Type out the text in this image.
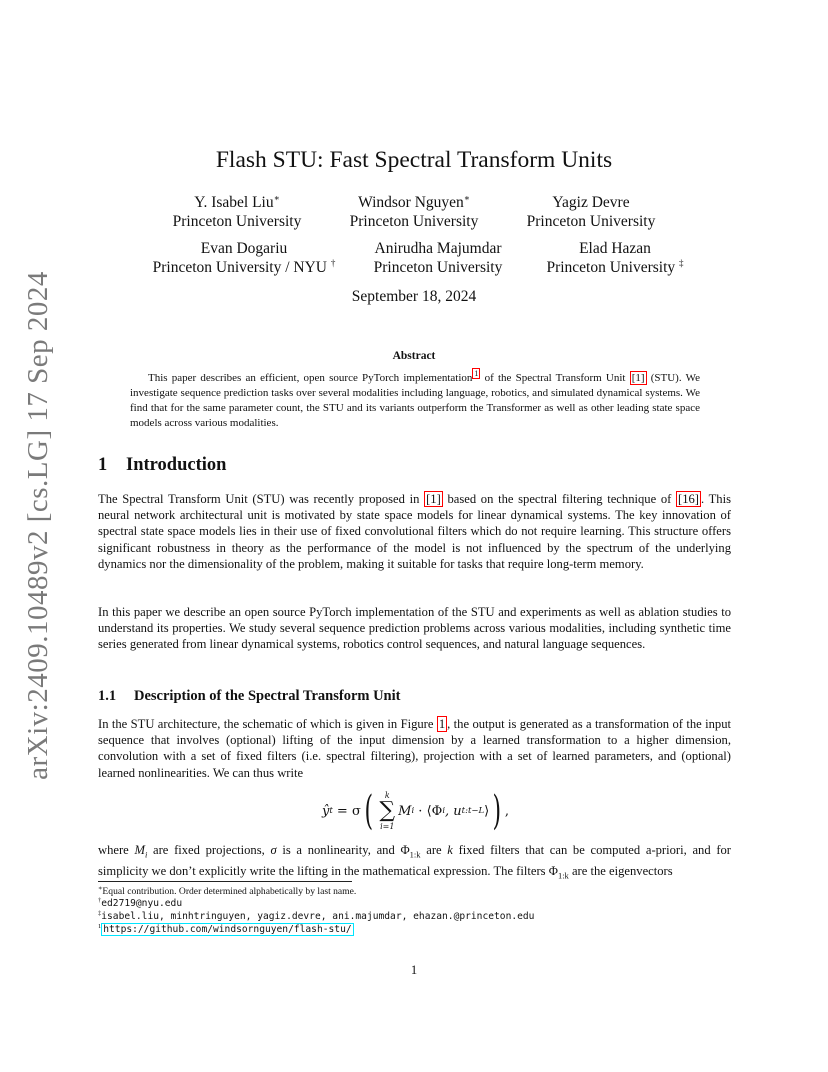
arXiv:2409.10489v2 [cs.LG] 17 Sep 2024
Flash STU: Fast Spectral Transform Units
Y. Isabel Liu∗
Princeton University
Windsor Nguyen∗
Princeton University
Yagiz Devre
Princeton University
Evan Dogariu
Princeton University / NYU †
Anirudha Majumdar
Princeton University
Elad Hazan
Princeton University ‡
September 18, 2024
Abstract
This paper describes an efficient, open source PyTorch implementation $^1$ of the Spectral Transform Unit [1] (STU). We investigate sequence prediction tasks over several modalities including language, robotics, and simulated dynamical systems. We find that for the same parameter count, the STU and its variants outperform the Transformer as well as other leading state space models across various modalities.
1 Introduction

The Spectral Transform Unit (STU) was recently proposed in [1] based on the spectral filtering technique of [16] . This neural network architectural unit is motivated by state space models for linear dynamical systems. The key innovation of spectral state space models lies in their use of fixed convolutional filters which do not require learning. This structure offers significant robustness in theory as the performance of the model is not influenced by the spectrum of the underlying dynamics nor the dimensionality of the problem, making it suitable for tasks that require long-term memory.

In this paper we describe an open source PyTorch implementation of the STU and experiments as well as ablation studies to understand its properties. We study several sequence prediction problems across various modalities, including synthetic time series generated from linear dynamical systems, robotics control sequences, and natural language sequences.

1.1 Description of the Spectral Transform Unit

In the STU architecture, the schematic of which is given in Figure 1 , the output is generated as a transformation of the input sequence that involves (optional) lifting of the input dimension by a learned transformation to a higher dimension, convolution with a set of fixed filters (i.e. spectral filtering), projection with a set of learned parameters, and (optional) learned nonlinearities. We can thus write

ŷ t = σ ( k
∑
i=1
M i · ⟨Φ i , u t:t−L ⟩ ) ,

where $M_i$ are fixed projections, σ is a nonlinearity, and $\Phi_{1:k}$ are k fixed filters that can be computed a-priori, and for simplicity we don’t explicitly write the lifting in the mathematical expression. The filters $\Phi_{1:k}$ are the eigenvectors

∗Equal contribution. Order determined alphabetically by last name.
†ed2719@nyu.edu
‡isabel.liu, minhtringuyen, yagiz.devre, ani.majumdar, ehazan.@princeton.edu
$^1$ https://github.com/windsornguyen/flash-stu/
1
